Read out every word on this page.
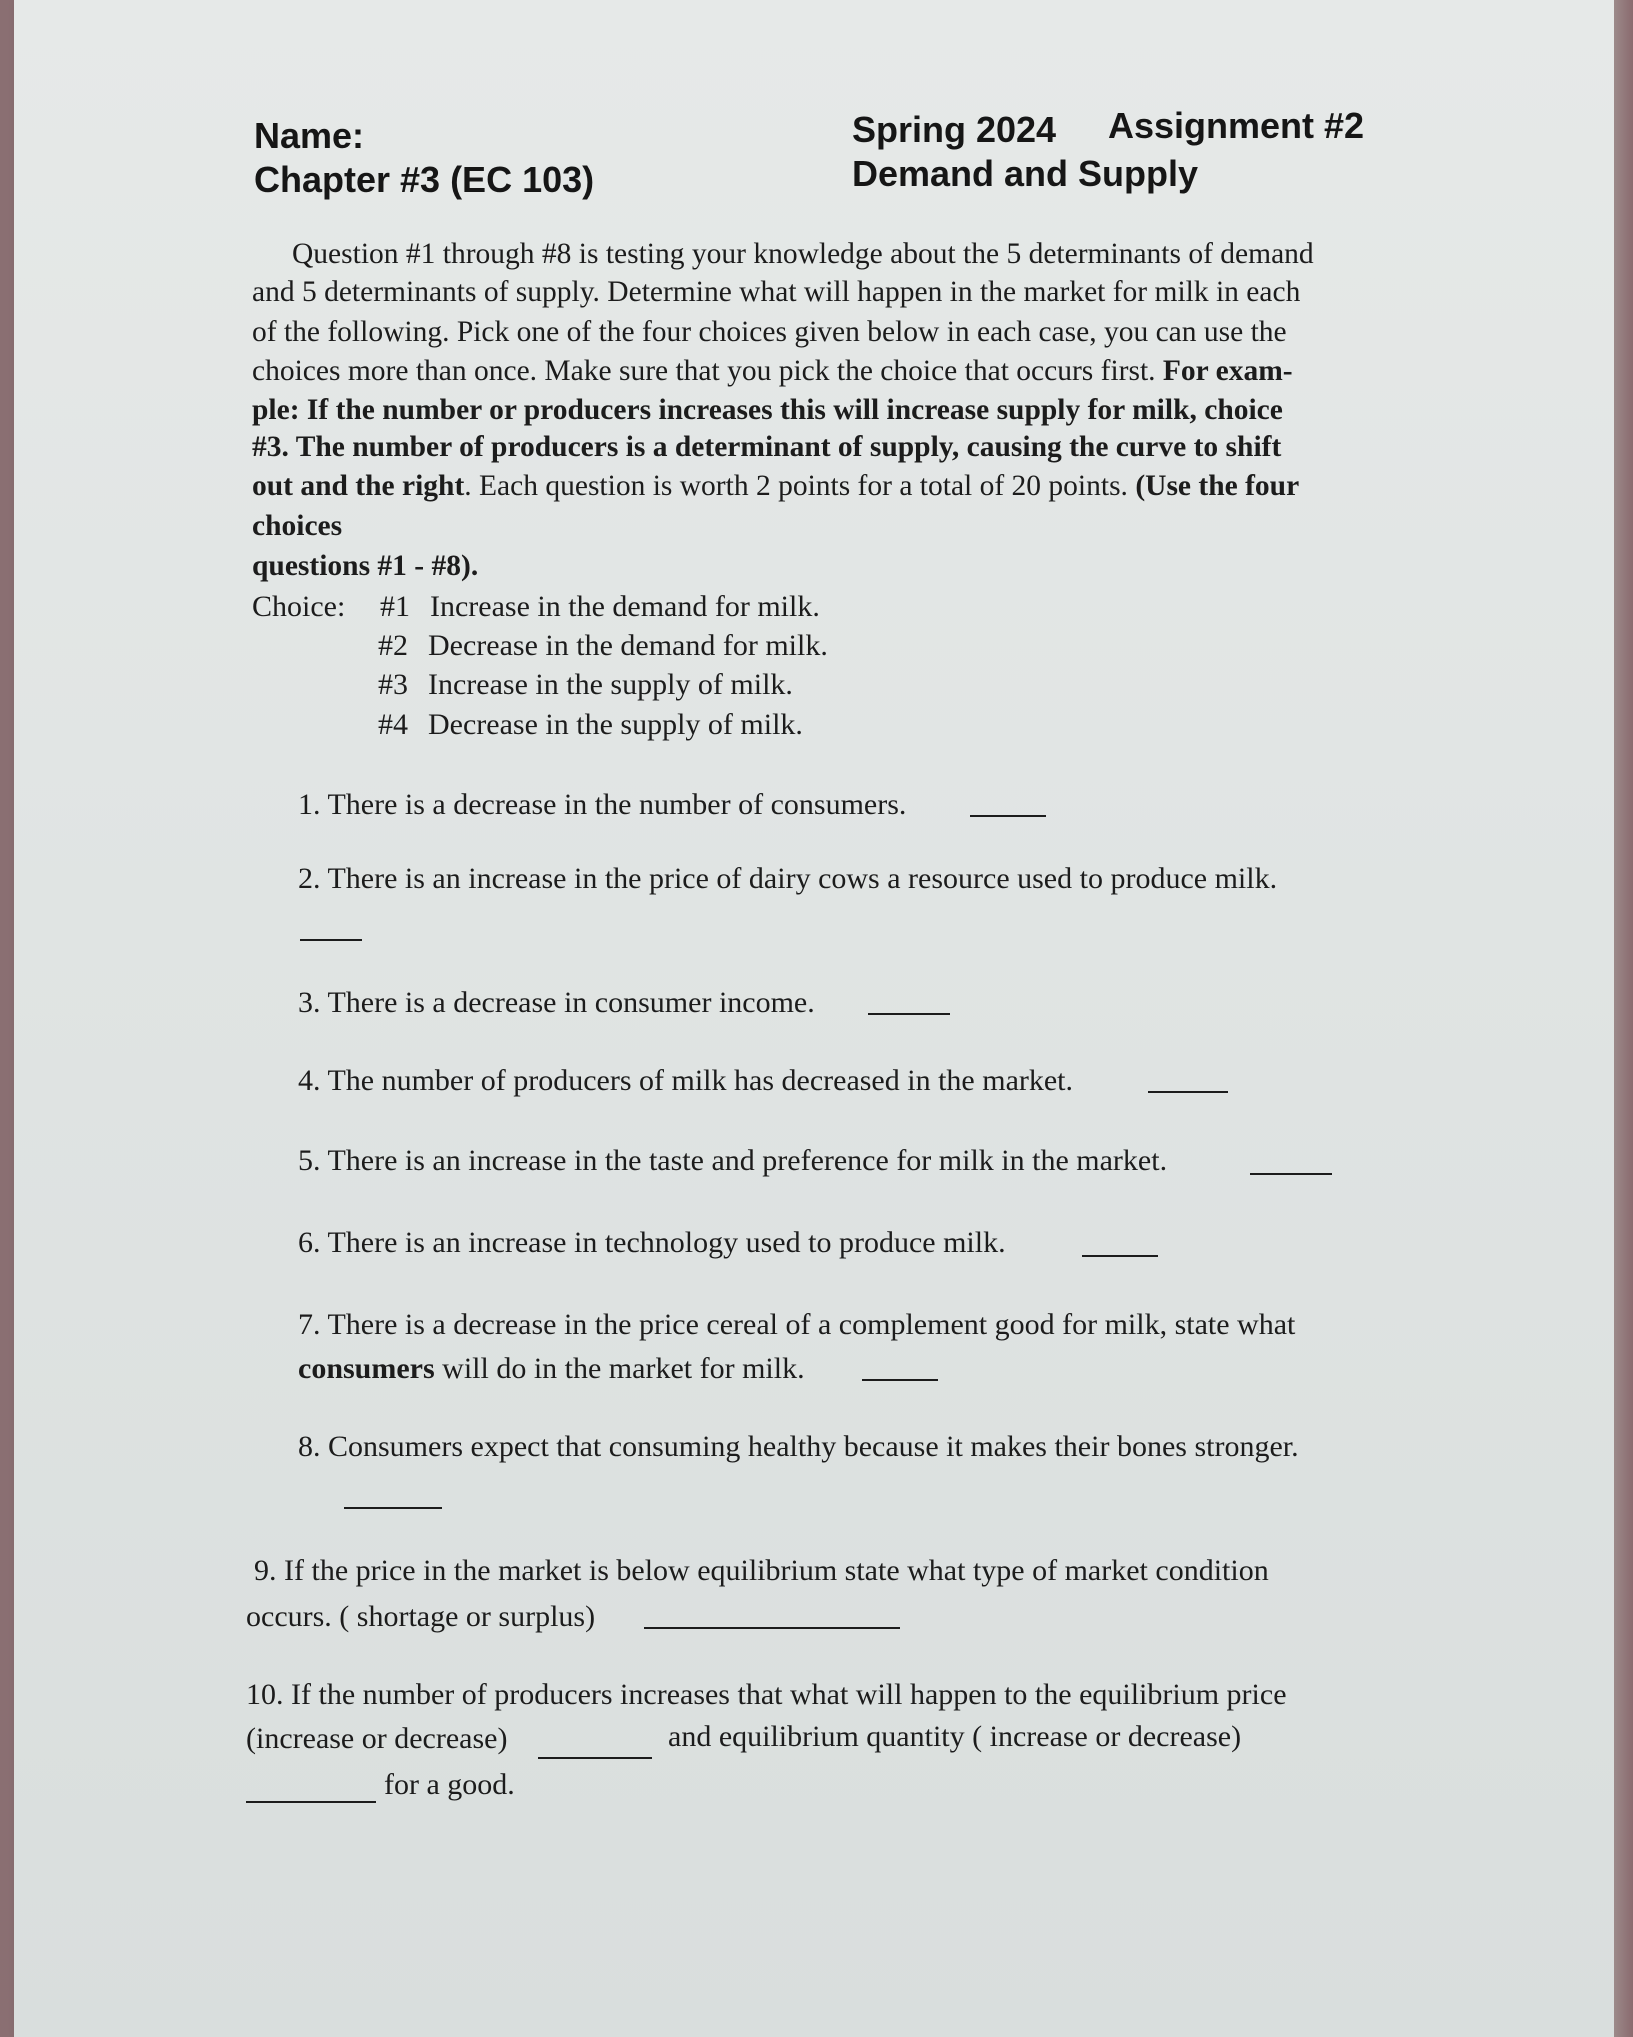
Name:
Chapter #3 (EC 103)
Spring 2024 Assignment #2
Demand and Supply
Question #1 through #8 is testing your knowledge about the 5 determinants of demand
and 5 determinants of supply. Determine what will happen in the market for milk in each
of the following. Pick one of the four choices given below in each case, you can use the
choices more than once. Make sure that you pick the choice that occurs first. For exam-
ple: If the number or producers increases this will increase supply for milk, choice
#3. The number of producers is a determinant of supply, causing the curve to shift
out and the right. Each question is worth 2 points for a total of 20 points. (Use the four
choices
questions #1 - #8).
Choice: #1 Increase in the demand for milk.
#2 Decrease in the demand for milk.
#3 Increase in the supply of milk.
#4 Decrease in the supply of milk.
1. There is a decrease in the number of consumers.
2. There is an increase in the price of dairy cows a resource used to produce milk.
3. There is a decrease in consumer income.
4. The number of producers of milk has decreased in the market.
5. There is an increase in the taste and preference for milk in the market.
6. There is an increase in technology used to produce milk.
7. There is a decrease in the price cereal of a complement good for milk, state what
consumers will do in the market for milk.
8. Consumers expect that consuming healthy because it makes their bones stronger.
9. If the price in the market is below equilibrium state what type of market condition
occurs. ( shortage or surplus)
10. If the number of producers increases that what will happen to the equilibrium price
(increase or decrease)	and equilibrium quantity ( increase or decrease)
for a good.
